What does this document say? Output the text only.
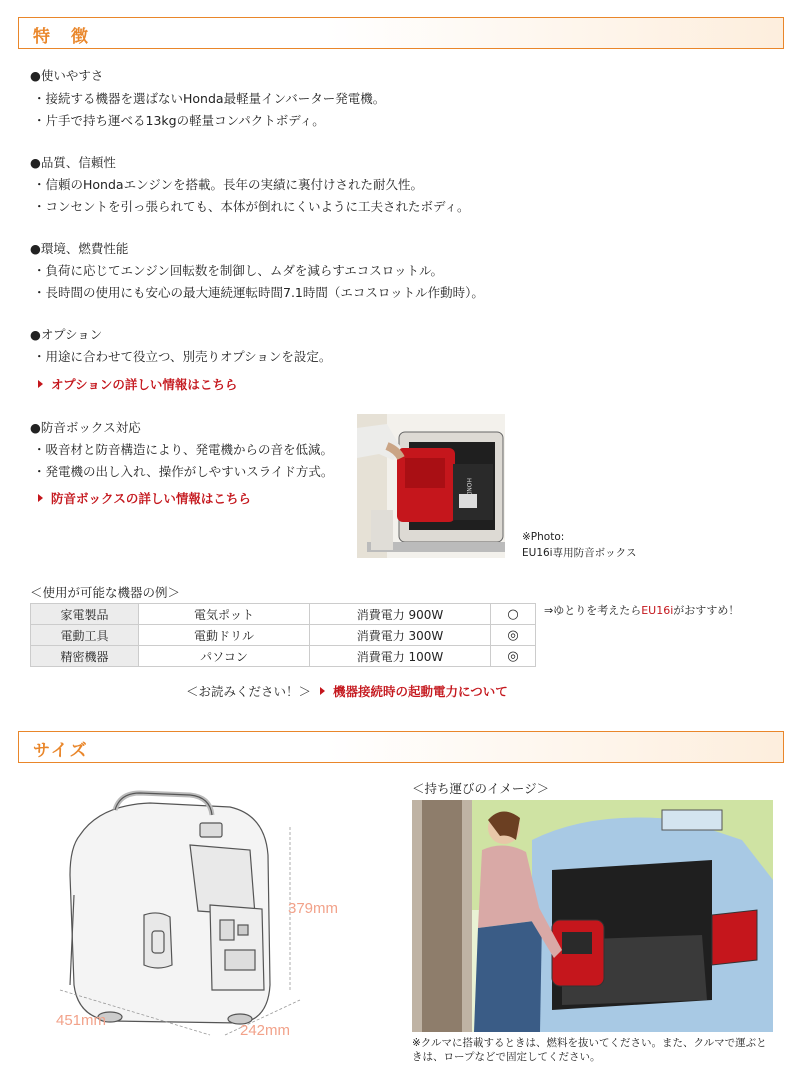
特　徴
●使いやすさ
・接続する機器を選ばないHonda最軽量インバーター発電機。
・片手で持ち運べる13kgの軽量コンパクトボディ。
●品質、信頼性
・信頼のHondaエンジンを搭載。長年の実績に裏付けされた耐久性。
・コンセントを引っ張られても、本体が倒れにくいように工夫されたボディ。
●環境、燃費性能
・負荷に応じてエンジン回転数を制御し、ムダを減らすエコスロットル。
・長時間の使用にも安心の最大連続運転時間7.1時間（エコスロットル作動時）。
●オプション
・用途に合わせて役立つ、別売りオプションを設定。
オプションの詳しい情報はこちら
●防音ボックス対応
・吸音材と防音構造により、発電機からの音を低減。
・発電機の出し入れ、操作がしやすいスライド方式。
防音ボックスの詳しい情報はこちら	HONDA
※Photo:
EU16i専用防音ボックス
＜使用が可能な機器の例＞
家電製品	電気ポット	消費電力 900W	○
電動工具	電動ドリル	消費電力 300W	◎
精密機器	パソコン	消費電力 100W	◎
⇒ゆとりを考えたらEU16iがおすすめ！
＜お読みください！＞	機器接続時の起動電力について
サイズ
379mm
451mm
242mm
＜持ち運びのイメージ＞
※クルマに搭載するときは、燃料を抜いてください。また、クルマで運ぶと
きは、ロープなどで固定してください。
